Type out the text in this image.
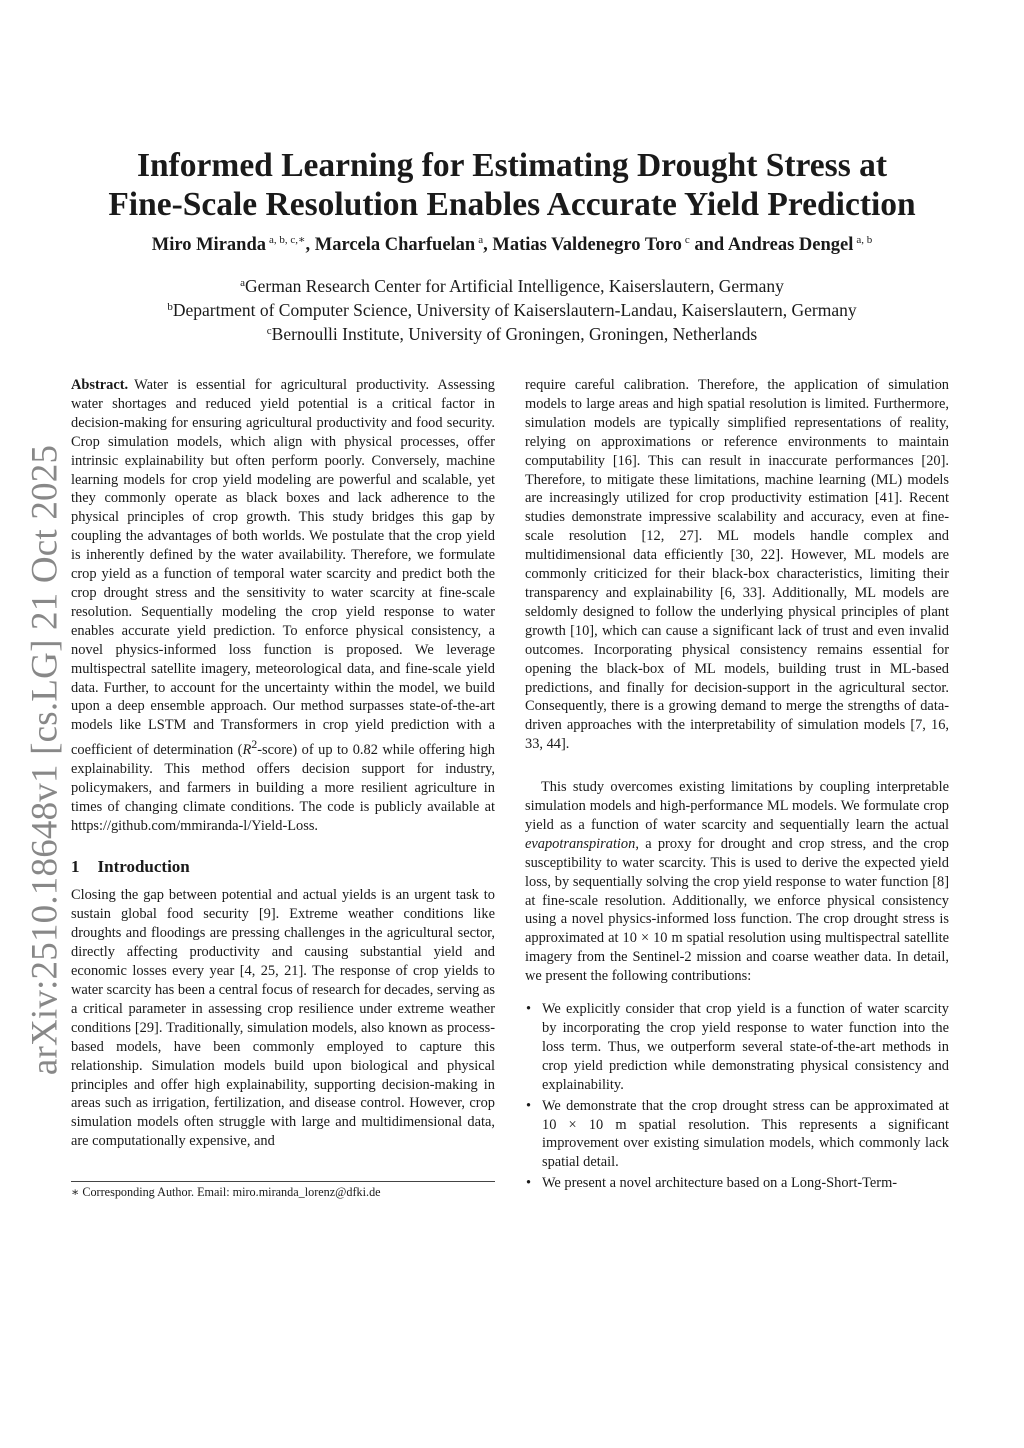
arXiv:2510.18648v1 [cs.LG] 21 Oct 2025
Informed Learning for Estimating Drought Stress at
Fine-Scale Resolution Enables Accurate Yield Prediction
Miro Miranda $^{a, b, c,∗}$, Marcela Charfuelan $^a$, Matias Valdenegro Toro $^c$ and Andreas Dengel $^{a, b}$
$^a$German Research Center for Artificial Intelligence, Kaiserslautern, Germany
$^b$Department of Computer Science, University of Kaiserslautern-Landau, Kaiserslautern, Germany
$^c$Bernoulli Institute, University of Groningen, Groningen, Netherlands

Abstract. Water is essential for agricultural productivity. Assessing water shortages and reduced yield potential is a critical factor in decision-making for ensuring agricultural productivity and food security. Crop simulation models, which align with physical processes, offer intrinsic explainability but often perform poorly. Conversely, machine learning models for crop yield modeling are powerful and scalable, yet they commonly operate as black boxes and lack adherence to the physical principles of crop growth. This study bridges this gap by coupling the advantages of both worlds. We postulate that the crop yield is inherently defined by the water availability. Therefore, we formulate crop yield as a function of temporal water scarcity and predict both the crop drought stress and the sensitivity to water scarcity at fine-scale resolution. Sequentially modeling the crop yield response to water enables accurate yield prediction. To enforce physical consistency, a novel physics-informed loss function is proposed. We leverage multispectral satellite imagery, meteorological data, and fine-scale yield data. Further, to account for the uncertainty within the model, we build upon a deep ensemble approach. Our method surpasses state-of-the-art models like LSTM and Transformers in crop yield prediction with a coefficient of determination $(R^2-score)$ of up to 0.82 while offering high explainability. This method offers decision support for industry, policymakers, and farmers in building a more resilient agriculture in times of changing climate conditions. The code is publicly available at https://github.com/mmiranda-l/Yield-Loss.

1 Introduction

Closing the gap between potential and actual yields is an urgent task to sustain global food security [9]. Extreme weather conditions like droughts and floodings are pressing challenges in the agricultural sector, directly affecting productivity and causing substantial yield and economic losses every year [4, 25, 21]. The response of crop yields to water scarcity has been a central focus of research for decades, serving as a critical parameter in assessing crop resilience under extreme weather conditions [29]. Traditionally, simulation models, also known as process-based models, have been commonly employed to capture this relationship. Simulation models build upon biological and physical principles and offer high explainability, supporting decision-making in areas such as irrigation, fertilization, and disease control. However, crop simulation models often struggle with large and multidimensional data, are computationally expensive, and

∗ Corresponding Author. Email: miro.miranda_lorenz@dfki.de

require careful calibration. Therefore, the application of simulation models to large areas and high spatial resolution is limited. Furthermore, simulation models are typically simplified representations of reality, relying on approximations or reference environments to maintain computability [16]. This can result in inaccurate performances [20]. Therefore, to mitigate these limitations, machine learning (ML) models are increasingly utilized for crop productivity estimation [41]. Recent studies demonstrate impressive scalability and accuracy, even at fine-scale resolution [12, 27]. ML models handle complex and multidimensional data efficiently [30, 22]. However, ML models are commonly criticized for their black-box characteristics, limiting their transparency and explainability [6, 33]. Additionally, ML models are seldomly designed to follow the underlying physical principles of plant growth [10], which can cause a significant lack of trust and even invalid outcomes. Incorporating physical consistency remains essential for opening the black-box of ML models, building trust in ML-based predictions, and finally for decision-support in the agricultural sector. Consequently, there is a growing demand to merge the strengths of data-driven approaches with the interpretability of simulation models [7, 16, 33, 44].

This study overcomes existing limitations by coupling interpretable simulation models and high-performance ML models. We formulate crop yield as a function of water scarcity and sequentially learn the actual evapotranspiration, a proxy for drought and crop stress, and the crop susceptibility to water scarcity. This is used to derive the expected yield loss, by sequentially solving the crop yield response to water function [8] at fine-scale resolution. Additionally, we enforce physical consistency using a novel physics-informed loss function. The crop drought stress is approximated at 10 × 10 m spatial resolution using multispectral satellite imagery from the Sentinel-2 mission and coarse weather data. In detail, we present the following contributions:

• We explicitly consider that crop yield is a function of water scarcity by incorporating the crop yield response to water function into the loss term. Thus, we outperform several state-of-the-art methods in crop yield prediction while demonstrating physical consistency and explainability.
• We demonstrate that the crop drought stress can be approximated at 10 × 10 m spatial resolution. This represents a significant improvement over existing simulation models, which commonly lack spatial detail.
• We present a novel architecture based on a Long-Short-Term-
